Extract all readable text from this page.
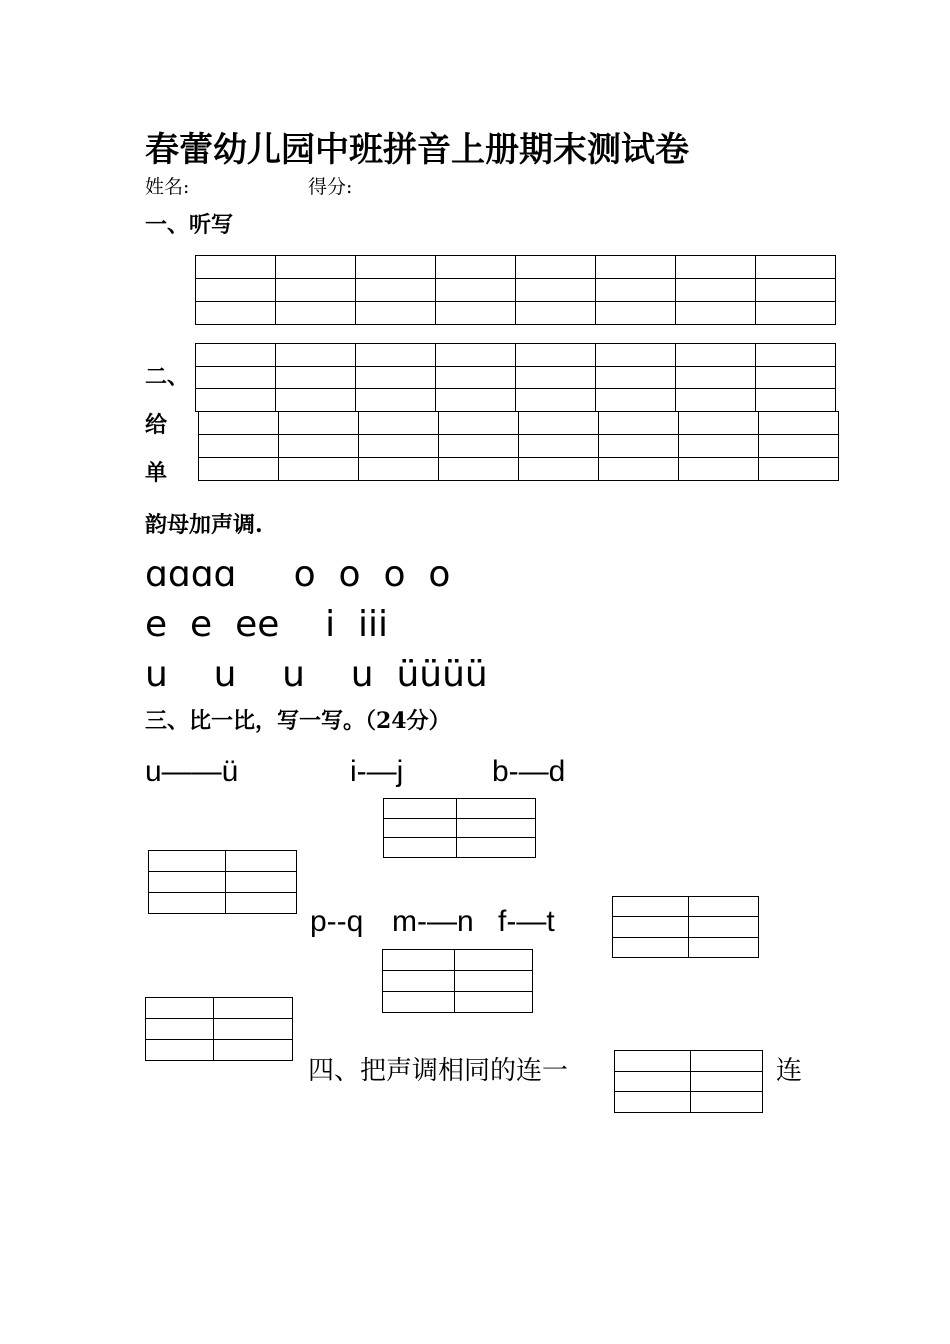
春蕾幼儿园中班拼音上册期末测试卷
姓名:	得分:
一、听写
二、
给
单
韵母加声调.
ɑɑɑɑ     o  o  o  o
e  e  ee    i  iii
u    u    u    u  üüüü
三、比一比，写一写。（24分）
u——ü	i-—j	b-—d
p--q m-—n f-—t
四、把声调相同的连一	连
